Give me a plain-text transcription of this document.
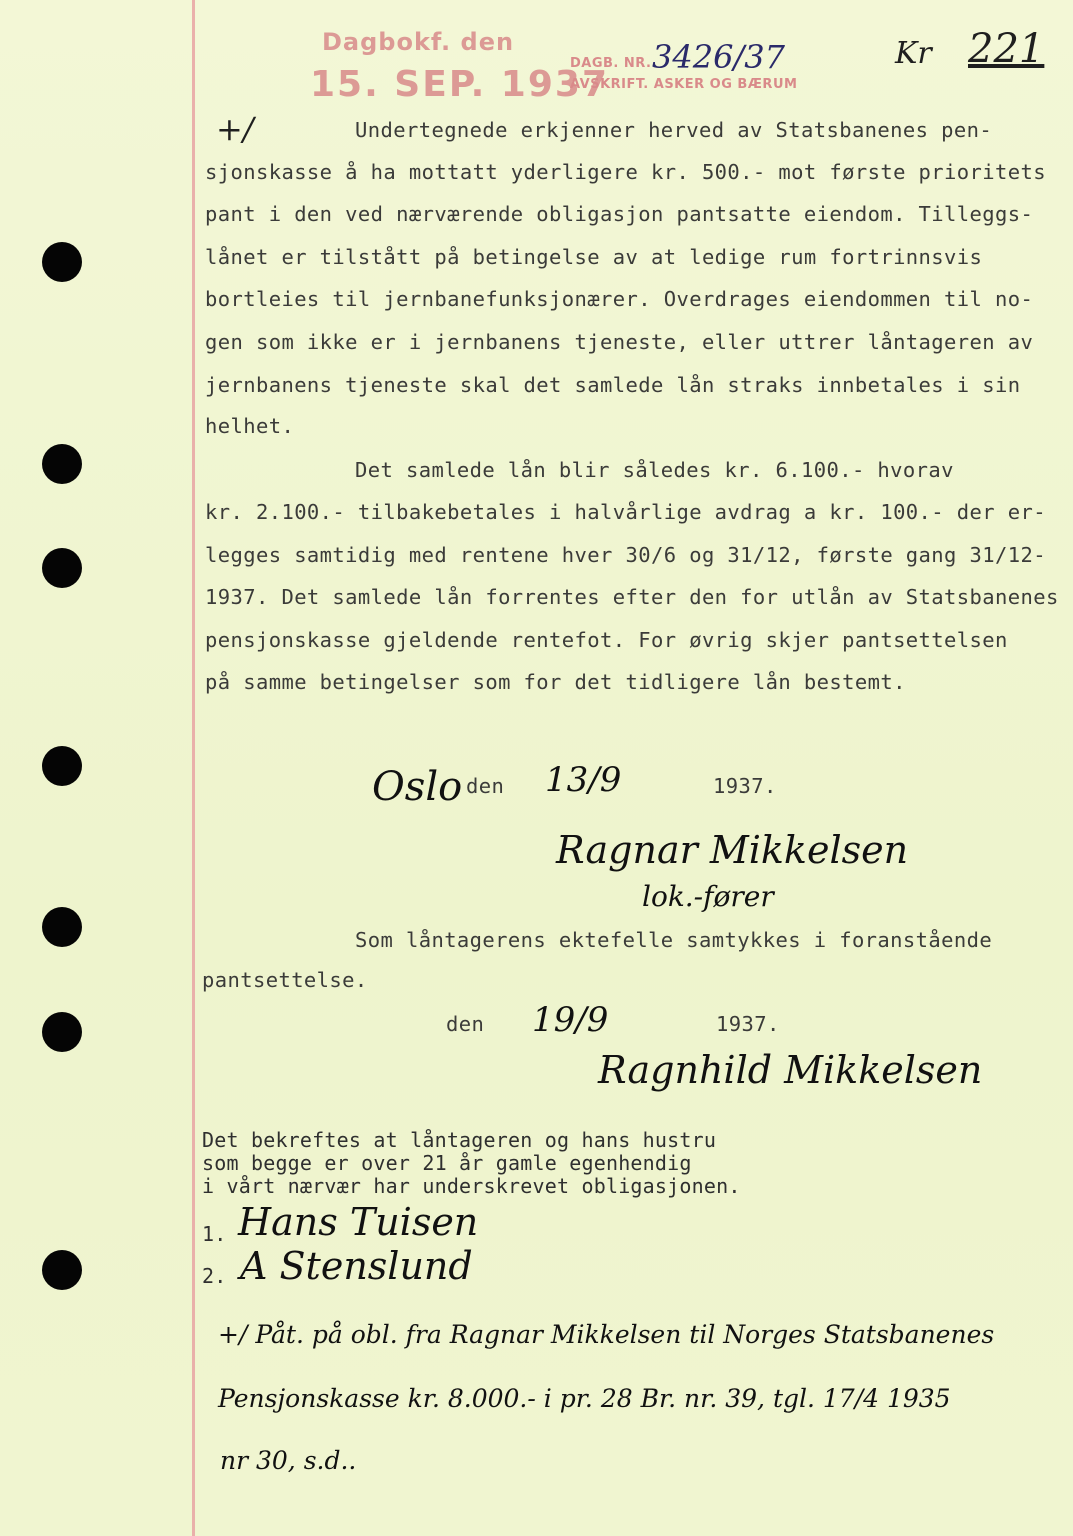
Dagbokf. den
15. SEP. 1937
DAGB. NR.
AVSKRIFT. ASKER OG BÆRUM
3426/37	Kr 221
+/	Undertegnede erkjenner herved av Statsbanenes pen-
sjonskasse å ha mottatt yderligere kr. 500.- mot første prioritets
pant i den ved nærværende obligasjon pantsatte eiendom. Tilleggs-
lånet er tilstått på betingelse av at ledige rum fortrinnsvis
bortleies til jernbanefunksjonærer. Overdrages eiendommen til no-
gen som ikke er i jernbanens tjeneste, eller uttrer låntageren av
jernbanens tjeneste skal det samlede lån straks innbetales i sin
helhet.
Det samlede lån blir således kr. 6.100.- hvorav
kr. 2.100.- tilbakebetales i halvårlige avdrag a kr. 100.- der er-
legges samtidig med rentene hver 30/6 og 31/12, første gang 31/12-
1937. Det samlede lån forrentes efter den for utlån av Statsbanenes
pensjonskasse gjeldende rentefot. For øvrig skjer pantsettelsen
på samme betingelser som for det tidligere lån bestemt.
Oslo den 13/9	1937.
Ragnar Mikkelsen
lok.-fører
Som låntagerens ektefelle samtykkes i foranstående
pantsettelse.
den 19/9	1937.
Ragnhild Mikkelsen
Det bekreftes at låntageren og hans hustru
som begge er over 21 år gamle egenhendig
i vårt nærvær har underskrevet obligasjonen.
1. Hans Tuisen
2. A Stenslund
+/ Påt. på obl. fra Ragnar Mikkelsen til Norges Statsbanenes
Pensjonskasse kr. 8.000.- i pr. 28 Br. nr. 39, tgl. 17/4 1935
nr 30, s.d..
